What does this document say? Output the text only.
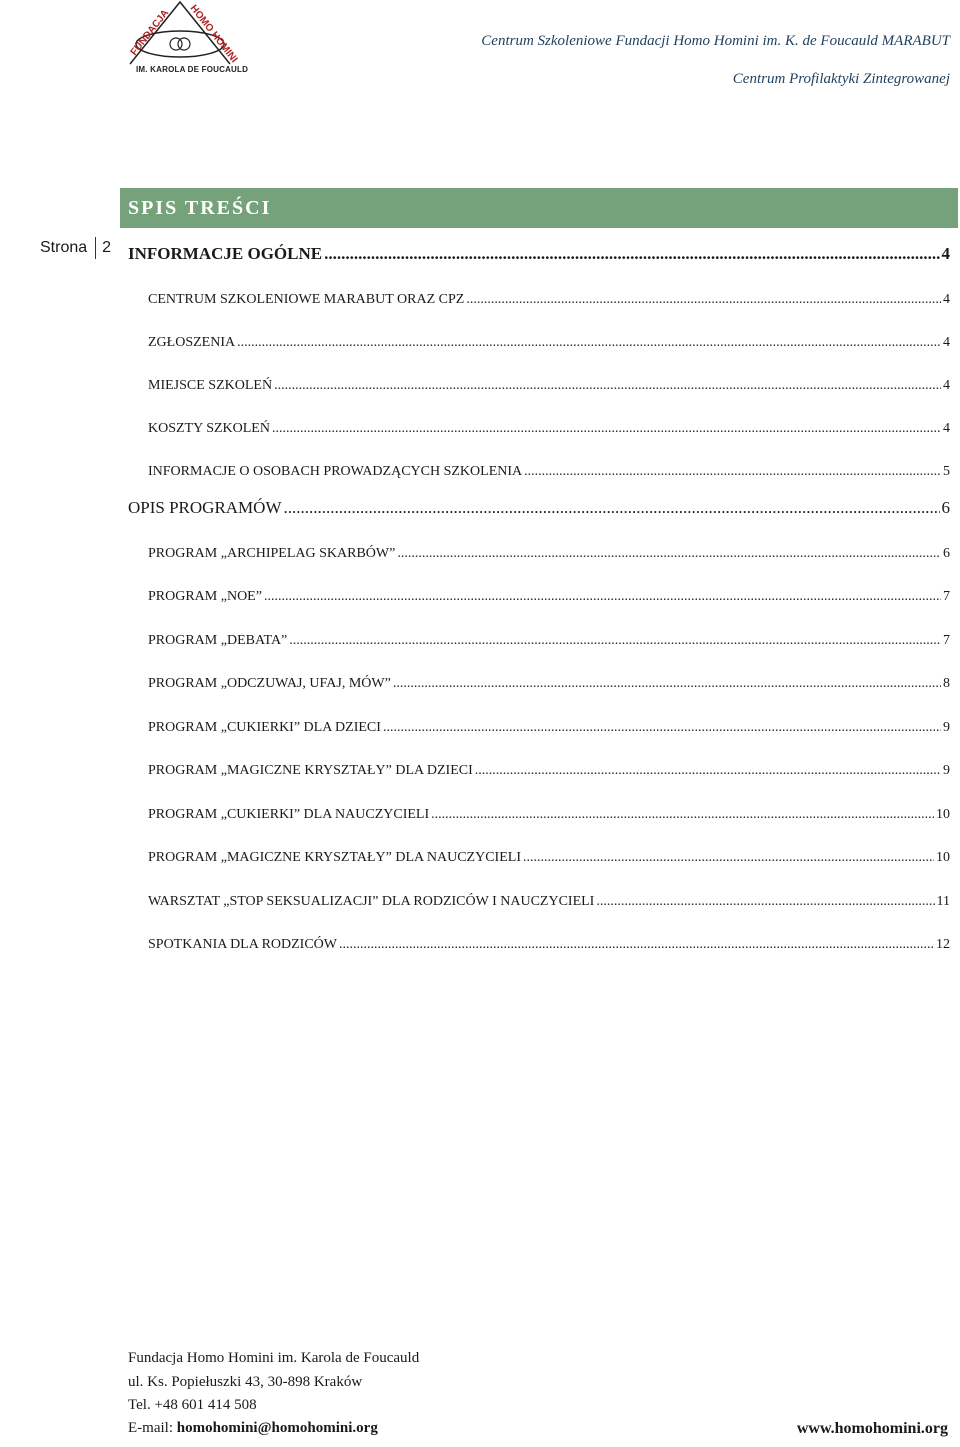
FUNDACJA HOMO HOMINI
IM. KAROLA DE FOUCAULD
Centrum Szkoleniowe Fundacji Homo Homini im. K. de Foucauld MARABUT
Centrum Profilaktyki Zintegrowanej
SPIS TREŚCI
Strona 2 INFORMACJE OGÓLNE .....	4
CENTRUM SZKOLENIOWE MARABUT ORAZ CPZ .....	4
ZGŁOSZENIA .....	4
MIEJSCE SZKOLEŃ .....	4
KOSZTY SZKOLEŃ .....	4
INFORMACJE O OSOBACH PROWADZĄCYCH SZKOLENIA .....	5
OPIS PROGRAMÓW .....	6
PROGRAM „ARCHIPELAG SKARBÓW” .....	6
PROGRAM „NOE” .....	7
PROGRAM „DEBATA” .....	7
PROGRAM „ODCZUWAJ, UFAJ, MÓW” .....	8
PROGRAM „CUKIERKI” DLA DZIECI .....	9
PROGRAM „MAGICZNE KRYSZTAŁY” DLA DZIECI .....	9
PROGRAM „CUKIERKI” DLA NAUCZYCIELI .....	10
PROGRAM „MAGICZNE KRYSZTAŁY” DLA NAUCZYCIELI .....	10
WARSZTAT „STOP SEKSUALIZACJI” DLA RODZICÓW I NAUCZYCIELI .....	11
SPOTKANIA DLA RODZICÓW .....	12
Fundacja Homo Homini im. Karola de Foucauld
ul. Ks. Popiełuszki 43, 30-898 Kraków
Tel. +48 601 414 508
E-mail: homohomini@homohomini.org	www.homohomini.org
